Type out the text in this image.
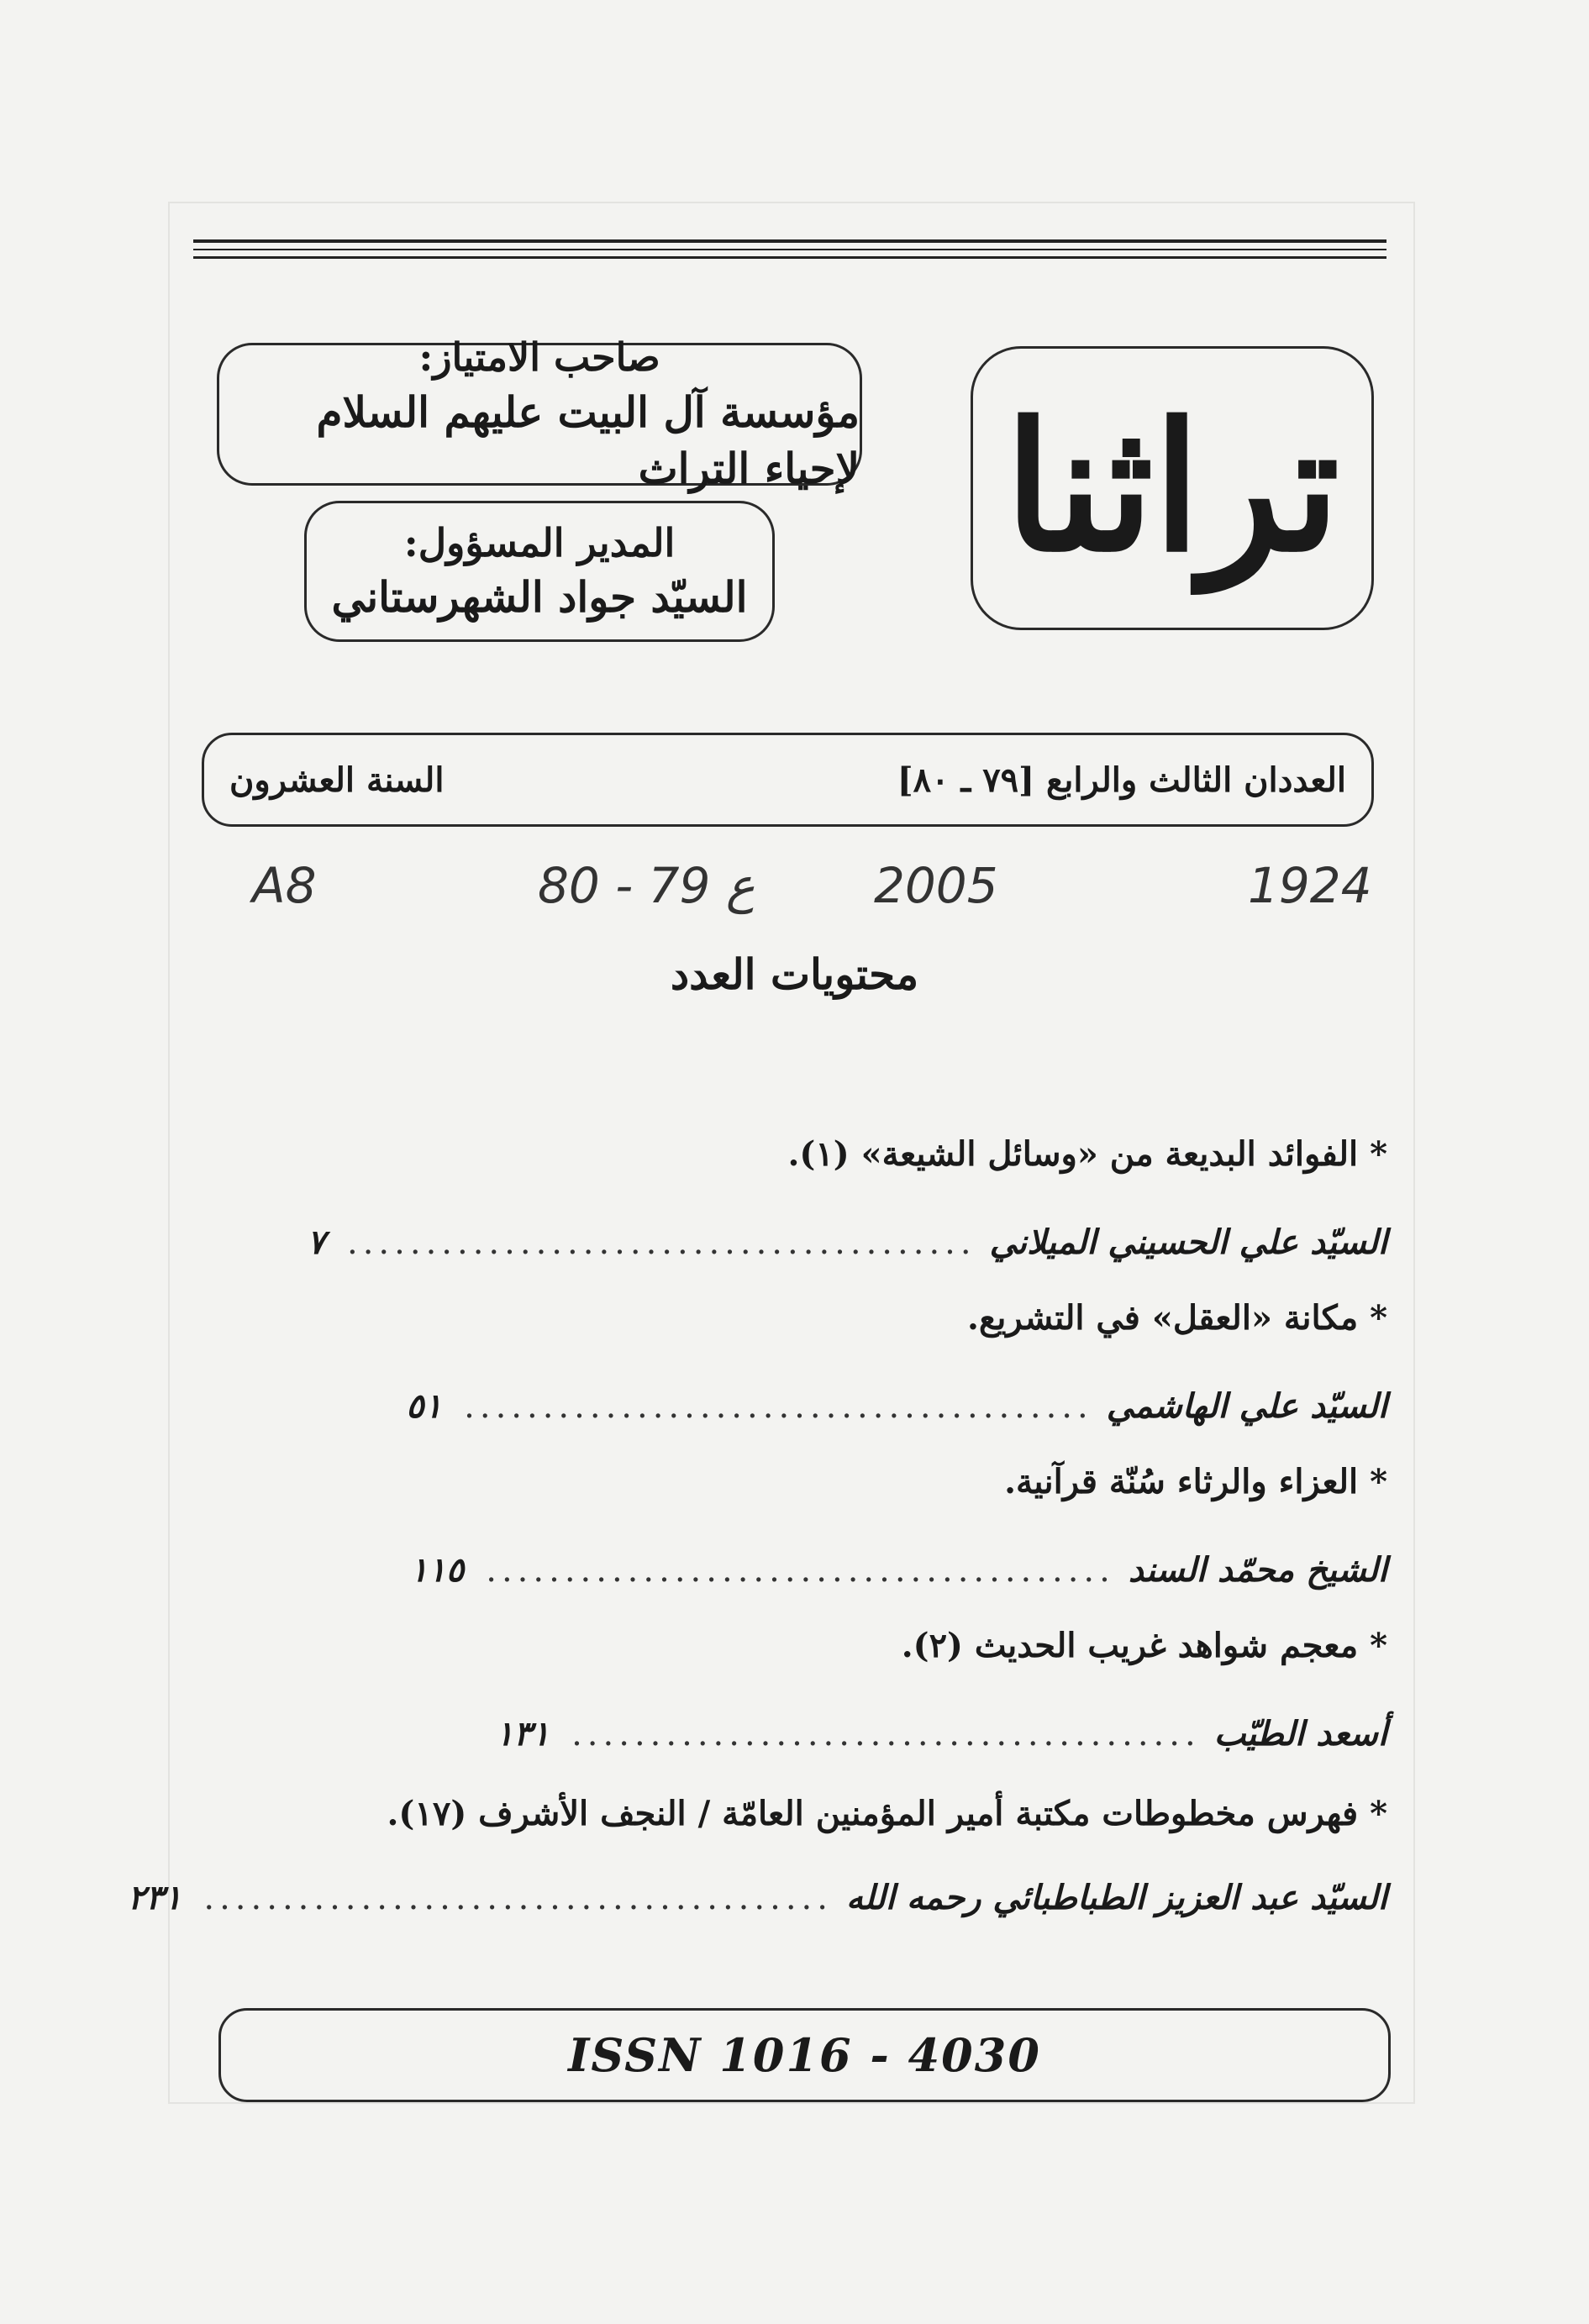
تراثنا
صاحب الامتياز:
مؤسسة آل البيت عليهم السلام لإحياء التراث
المدير المسؤول:
السيّد جواد الشهرستاني
العددان الثالث والرابع [٧٩ ـ ٨٠]
السنة العشرون
A8	80 - 79 ع 2005	1924
محتويات العدد
* الفوائد البديعة من «وسائل الشيعة» (١).
السيّد علي الحسيني الميلاني
........................................
٧
* مكانة «العقل» في التشريع.
السيّد علي الهاشمي
........................................
٥١
* العزاء والرثاء سُنّة قرآنية.
الشيخ محمّد السند
........................................
١١٥
* معجم شواهد غريب الحديث (٢).
أسعد الطيّب
........................................
١٣١
* فهرس مخطوطات مكتبة أمير المؤمنين العامّة / النجف الأشرف (١٧).
السيّد عبد العزيز الطباطبائي رحمه الله
........................................
٢٣١
ISSN 1016 - 4030
